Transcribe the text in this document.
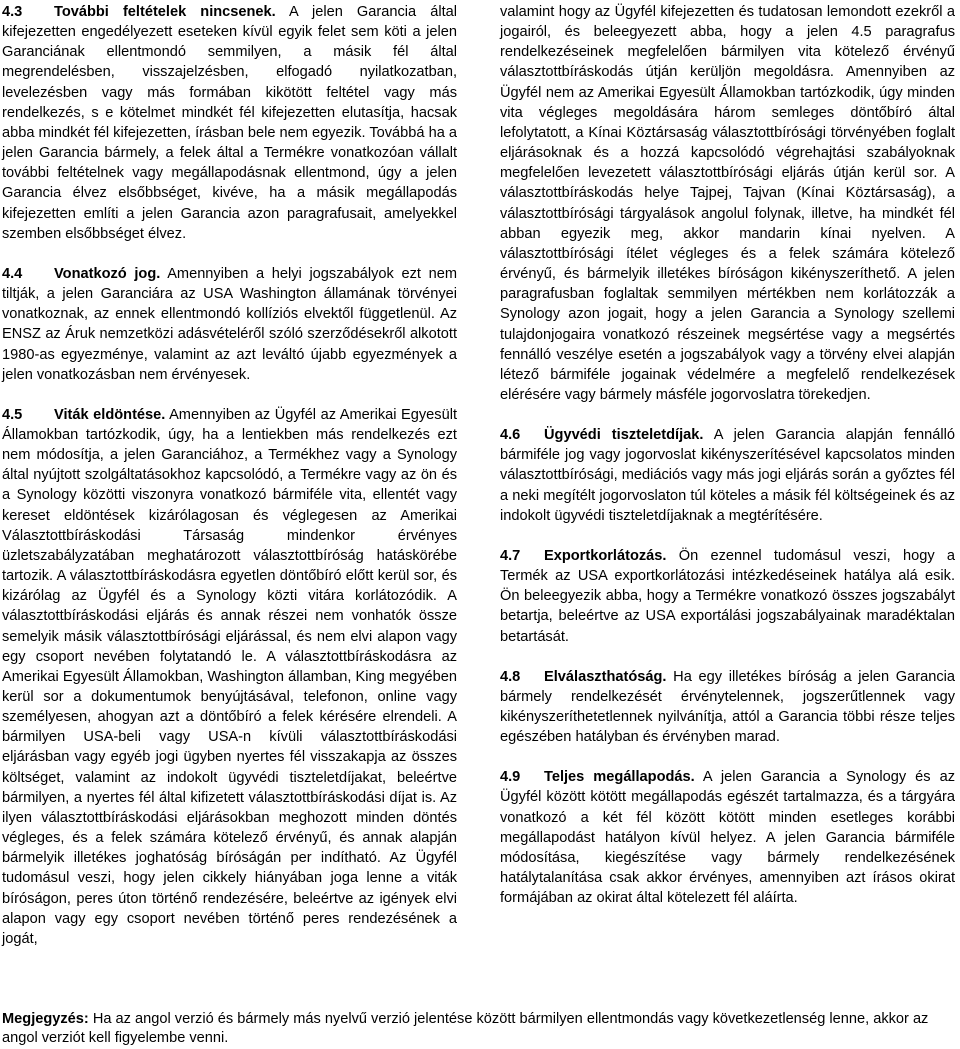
4.3 További feltételek nincsenek. A jelen Garancia által kifejezetten engedélyezett eseteken kívül egyik felet sem köti a jelen Garanciának ellentmondó semmilyen, a másik fél által megrendelésben, visszajelzésben, elfogadó nyilatkozatban, levelezésben vagy más formában kikötött feltétel vagy más rendelkezés, s e kötelmet mindkét fél kifejezetten elutasítja, hacsak abba mindkét fél kifejezetten, írásban bele nem egyezik. Továbbá ha a jelen Garancia bármely, a felek által a Termékre vonatkozóan vállalt további feltételnek vagy megállapodásnak ellentmond, úgy a jelen Garancia élvez elsőbbséget, kivéve, ha a másik megállapodás kifejezetten említi a jelen Garancia azon paragrafusait, amelyekkel szemben elsőbbséget élvez.

4.4 Vonatkozó jog. Amennyiben a helyi jogszabályok ezt nem tiltják, a jelen Garanciára az USA Washington államának törvényei vonatkoznak, az ennek ellentmondó kollíziós elvektől függetlenül. Az ENSZ az Áruk nemzetközi adásvételéről szóló szerződésekről alkotott 1980-as egyezménye, valamint az azt leváltó újabb egyezmények a jelen vonatkozásban nem érvényesek.

4.5 Viták eldöntése. Amennyiben az Ügyfél az Amerikai Egyesült Államokban tartózkodik, úgy, ha a lentiekben más rendelkezés ezt nem módosítja, a jelen Garanciához, a Termékhez vagy a Synology által nyújtott szolgáltatásokhoz kapcsolódó, a Termékre vagy az ön és a Synology közötti viszonyra vonatkozó bármiféle vita, ellentét vagy kereset eldöntések kizárólagosan és véglegesen az Amerikai Választottbíráskodási Társaság mindenkor érvényes üzletszabályzatában meghatározott választottbíróság hatáskörébe tartozik. A választottbíráskodásra egyetlen döntőbíró előtt kerül sor, és kizárólag az Ügyfél és a Synology közti vitára korlátozódik. A választottbíráskodási eljárás és annak részei nem vonhatók össze semelyik másik választottbírósági eljárással, és nem elvi alapon vagy egy csoport nevében folytatandó le. A választottbíráskodásra az Amerikai Egyesült Államokban, Washington államban, King megyében kerül sor a dokumentumok benyújtásával, telefonon, online vagy személyesen, ahogyan azt a döntőbíró a felek kérésére elrendeli. A bármilyen USA-beli vagy USA-n kívüli választottbíráskodási eljárásban vagy egyéb jogi ügyben nyertes fél visszakapja az összes költséget, valamint az indokolt ügyvédi tiszteletdíjakat, beleértve bármilyen, a nyertes fél által kifizetett választottbíráskodási díjat is. Az ilyen választottbíráskodási eljárásokban meghozott minden döntés végleges, és a felek számára kötelező érvényű, és annak alapján bármelyik illetékes joghatóság bíróságán per indítható. Az Ügyfél tudomásul veszi, hogy jelen cikkely hiányában joga lenne a viták bíróságon, peres úton történő rendezésére, beleértve az igények elvi alapon vagy egy csoport nevében történő peres rendezésének a jogát,

valamint hogy az Ügyfél kifejezetten és tudatosan lemondott ezekről a jogairól, és beleegyezett abba, hogy a jelen 4.5 paragrafus rendelkezéseinek megfelelően bármilyen vita kötelező érvényű választottbíráskodás útján kerüljön megoldásra. Amennyiben az Ügyfél nem az Amerikai Egyesült Államokban tartózkodik, úgy minden vita végleges megoldására három semleges döntőbíró által lefolytatott, a Kínai Köztársaság választottbírósági törvényében foglalt eljárásoknak és a hozzá kapcsolódó végrehajtási szabályoknak megfelelően levezetett választottbírósági eljárás útján kerül sor. A választottbíráskodás helye Tajpej, Tajvan (Kínai Köztársaság), a választottbírósági tárgyalások angolul folynak, illetve, ha mindkét fél abban egyezik meg, akkor mandarin kínai nyelven. A választottbírósági ítélet végleges és a felek számára kötelező érvényű, és bármelyik illetékes bíróságon kikényszeríthető. A jelen paragrafusban foglaltak semmilyen mértékben nem korlátozzák a Synology azon jogait, hogy a jelen Garancia a Synology szellemi tulajdonjogaira vonatkozó részeinek megsértése vagy a megsértés fennálló veszélye esetén a jogszabályok vagy a törvény elvei alapján létező bármiféle jogainak védelmére a megfelelő rendelkezések elérésére vagy bármely másféle jogorvoslatra törekedjen.

4.6 Ügyvédi tiszteletdíjak. A jelen Garancia alapján fennálló bármiféle jog vagy jogorvoslat kikényszerítésével kapcsolatos minden választottbírósági, mediációs vagy más jogi eljárás során a győztes fél a neki megítélt jogorvoslaton túl köteles a másik fél költségeinek és az indokolt ügyvédi tiszteletdíjaknak a megtérítésére.

4.7 Exportkorlátozás. Ön ezennel tudomásul veszi, hogy a Termék az USA exportkorlátozási intézkedéseinek hatálya alá esik. Ön beleegyezik abba, hogy a Termékre vonatkozó összes jogszabályt betartja, beleértve az USA exportálási jogszabályainak maradéktalan betartását.

4.8 Elválaszthatóság. Ha egy illetékes bíróság a jelen Garancia bármely rendelkezését érvénytelennek, jogszerűtlennek vagy kikényszeríthetetlennek nyilvánítja, attól a Garancia többi része teljes egészében hatályban és érvényben marad.

4.9 Teljes megállapodás. A jelen Garancia a Synology és az Ügyfél között kötött megállapodás egészét tartalmazza, és a tárgyára vonatkozó a két fél között kötött minden esetleges korábbi megállapodást hatályon kívül helyez. A jelen Garancia bármiféle módosítása, kiegészítése vagy bármely rendelkezésének hatálytalanítása csak akkor érvényes, amennyiben azt írásos okirat formájában az okirat által kötelezett fél aláírta.

Megjegyzés: Ha az angol verzió és bármely más nyelvű verzió jelentése között bármilyen ellentmondás vagy következetlenség lenne, akkor az angol verziót kell figyelembe venni.
